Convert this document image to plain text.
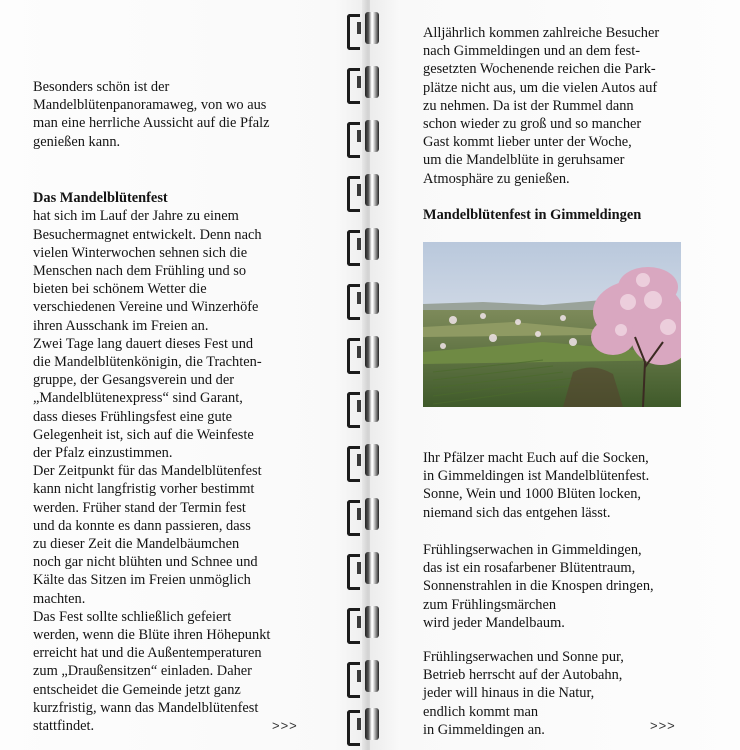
Besonders schön ist der
Mandelblütenpanoramaweg, von wo aus
man eine herrliche Aussicht auf die Pfalz
genießen kann.

Das Mandelblütenfest
hat sich im Lauf der Jahre zu einem
Besuchermagnet entwickelt. Denn nach
vielen Winterwochen sehnen sich die
Menschen nach dem Frühling und so
bieten bei schönem Wetter die
verschiedenen Vereine und Winzerhöfe
ihren Ausschank im Freien an.
Zwei Tage lang dauert dieses Fest und
die Mandelblütenkönigin, die Trachten-
gruppe, der Gesangsverein und der
„Mandelblütenexpress“ sind Garant,
dass dieses Frühlingsfest eine gute
Gelegenheit ist, sich auf die Weinfeste
der Pfalz einzustimmen.
Der Zeitpunkt für das Mandelblütenfest
kann nicht langfristig vorher bestimmt
werden. Früher stand der Termin fest
und da konnte es dann passieren, dass
zu dieser Zeit die Mandelbäumchen
noch gar nicht blühten und Schnee und
Kälte das Sitzen im Freien unmöglich
machten.
Das Fest sollte schließlich gefeiert
werden, wenn die Blüte ihren Höhepunkt
erreicht hat und die Außentemperaturen
zum „Draußensitzen“ einladen. Daher
entscheidet die Gemeinde jetzt ganz
kurzfristig, wann das Mandelblütenfest
stattfindet.	>>>
Alljährlich kommen zahlreiche Besucher
nach Gimmeldingen und an dem fest-
gesetzten Wochenende reichen die Park-
plätze nicht aus, um die vielen Autos auf
zu nehmen. Da ist der Rummel dann
schon wieder zu groß und so mancher
Gast kommt lieber unter der Woche,
um die Mandelblüte in geruhsamer
Atmosphäre zu genießen.
Mandelblütenfest in Gimmeldingen
Ihr Pfälzer macht Euch auf die Socken,
in Gimmeldingen ist Mandelblütenfest.
Sonne, Wein und 1000 Blüten locken,
niemand sich das entgehen lässt.
Frühlingserwachen in Gimmeldingen,
das ist ein rosafarbener Blütentraum,
Sonnenstrahlen in die Knospen dringen,
zum Frühlingsmärchen
wird jeder Mandelbaum.
Frühlingserwachen und Sonne pur,
Betrieb herrscht auf der Autobahn,
jeder will hinaus in die Natur,
endlich kommt man
in Gimmeldingen an.	>>>
